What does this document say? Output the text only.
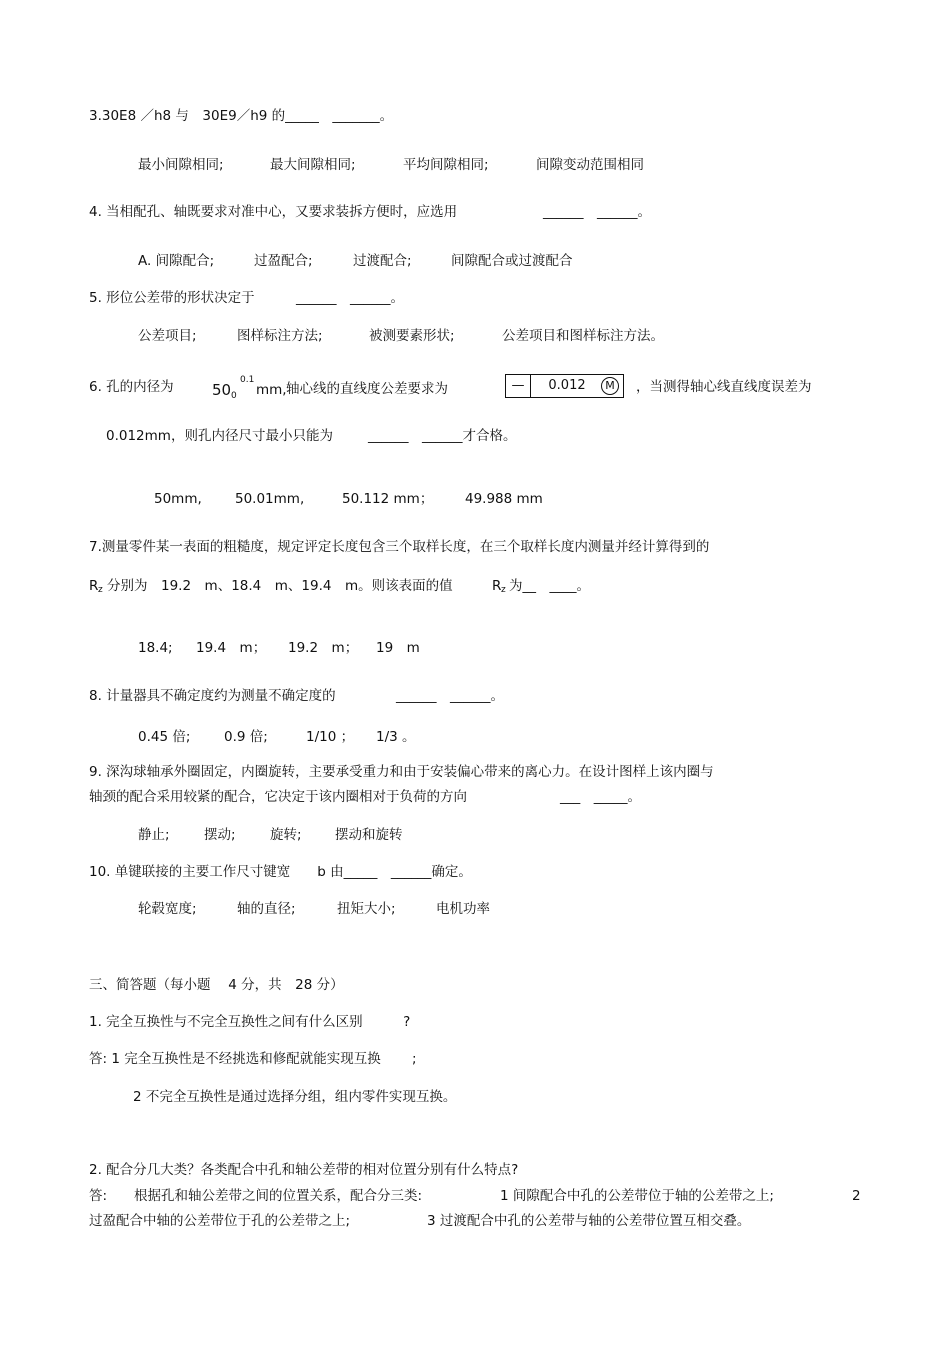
3.30E8 ／h8 与　30E9／h9 的_____　_______。
最小间隙相同;	最大间隙相同;	平均间隙相同;	间隙变动范围相同
4. 当相配孔、轴既要求对准中心，又要求装拆方便时，应选用	______　______。
A. 间隙配合;	过盈配合;	过渡配合;	间隙配合或过渡配合
5. 形位公差带的形状决定于	______　______。
公差项目;	图样标注方法;	被测要素形状;	公差项目和图样标注方法。
6. 孔的内径为	50
0.1
0 mm, 轴心线的直线度公差要求为	—	0.012	M	，当测得轴心线直线度误差为
0.012mm，则孔内径尺寸最小只能为	______　______才合格。
50mm, 50.01mm,	50.112 mm； 49.988 mm
7.测量零件某一表面的粗糙度，规定评定长度包含三个取样长度，在三个取样长度内测量并经计算得到的
R z 分别为　19.2　m、18.4　m、19.4　m。则该表面的值	R z 为__　____。
18.4; 19.4　m； 19.2　m； 19　m
8. 计量器具不确定度约为测量不确定度的	______　______。
0.45 倍; 0.9 倍;	1/10 ； 1/3 。
9. 深沟球轴承外圈固定，内圈旋转，主要承受重力和由于安装偏心带来的离心力。在设计图样上该内圈与
轴颈的配合采用较紧的配合，它决定于该内圈相对于负荷的方向	___　_____。
静止;	摆动;	旋转; 摆动和旋转
10. 单键联接的主要工作尺寸键宽　　b 由_____　______确定。
轮毂宽度;	轴的直径;	扭矩大小;	电机功率
三、简答题（每小题　 4 分，共　28 分）
1. 完全互换性与不完全互换性之间有什么区别　　　?
答: 1 完全互换性是不经挑选和修配就能实现互换　　 ;
2 不完全互换性是通过选择分组，组内零件实现互换。
2. 配合分几大类？各类配合中孔和轴公差带的相对位置分别有什么特点?
答:　　根据孔和轴公差带之间的位置关系，配合分三类:	1 间隙配合中孔的公差带位于轴的公差带之上;	2
过盈配合中轴的公差带位于孔的公差带之上;	3 过渡配合中孔的公差带与轴的公差带位置互相交叠。
